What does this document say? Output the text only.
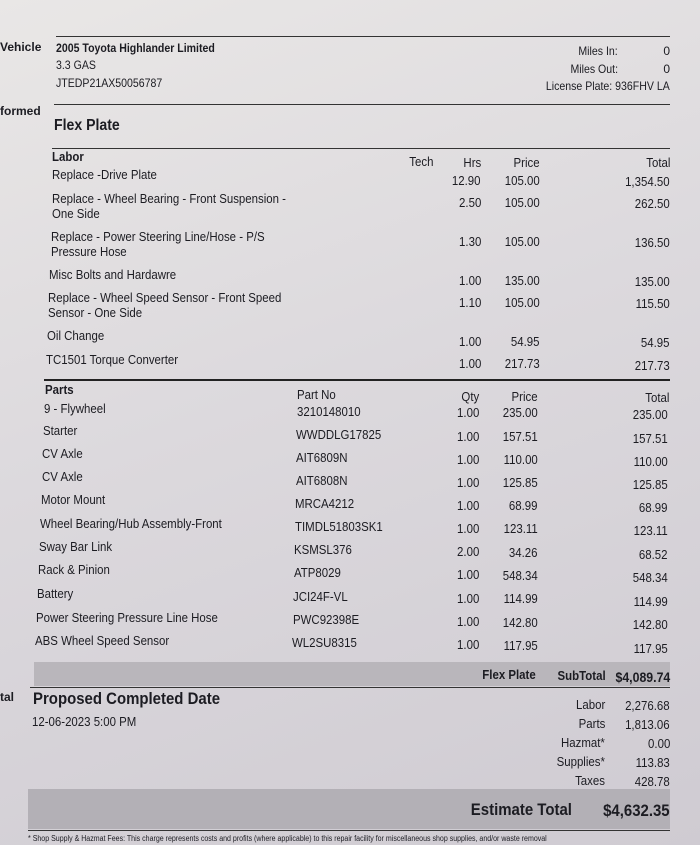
Vehicle 2005 Toyota Highlander Limited
3.3 GAS
JTEDP21AX50056787
Miles In:	0
Miles Out:	0
License Plate: 936FHV LA
formed
Flex Plate
Labor	Tech Hrs	Price	Total
Replace -Drive Plate	12.90 105.00	1,354.50
Replace - Wheel Bearing - Front Suspension -
One Side
2.50 105.00	262.50
Replace - Power Steering Line/Hose - P/S
Pressure Hose
1.30 105.00	136.50
Misc Bolts and Hardawre	1.00 135.00	135.00
Replace - Wheel Speed Sensor - Front Speed
Sensor - One Side
1.10 105.00	115.50
Oil Change	1.00 54.95	54.95
TC1501 Torque Converter	1.00 217.73	217.73
Parts	Part No	Qty	Price	Total
9 - Flywheel	3210148010	1.00 235.00	235.00
Starter	WWDDLG17825	1.00 157.51	157.51
CV Axle	AIT6809N	1.00 110.00	110.00
CV Axle	AIT6808N	1.00 125.85	125.85
Motor Mount	MRCA4212	1.00 68.99	68.99
Wheel Bearing/Hub Assembly-Front	TIMDL51803SK1	1.00 123.11	123.11
Sway Bar Link	KSMSL376	2.00 34.26	68.52
Rack & Pinion	ATP8029	1.00 548.34	548.34
Battery	JCI24F-VL	1.00 114.99	114.99
Power Steering Pressure Line Hose	PWC92398E	1.00 142.80	142.80
ABS Wheel Speed Sensor	WL2SU8315	1.00 117.95	117.95
Flex Plate SubTotal $4,089.74
tal Proposed Completed Date
12-06-2023 5:00 PM
Labor 2,276.68
Parts 1,813.06
Hazmat*	0.00
Supplies* 113.83
Taxes 428.78
Estimate Total $4,632.35
* Shop Supply & Hazmat Fees: This charge represents costs and profits (where applicable) to this repair facility for miscellaneous shop supplies, and/or waste removal
